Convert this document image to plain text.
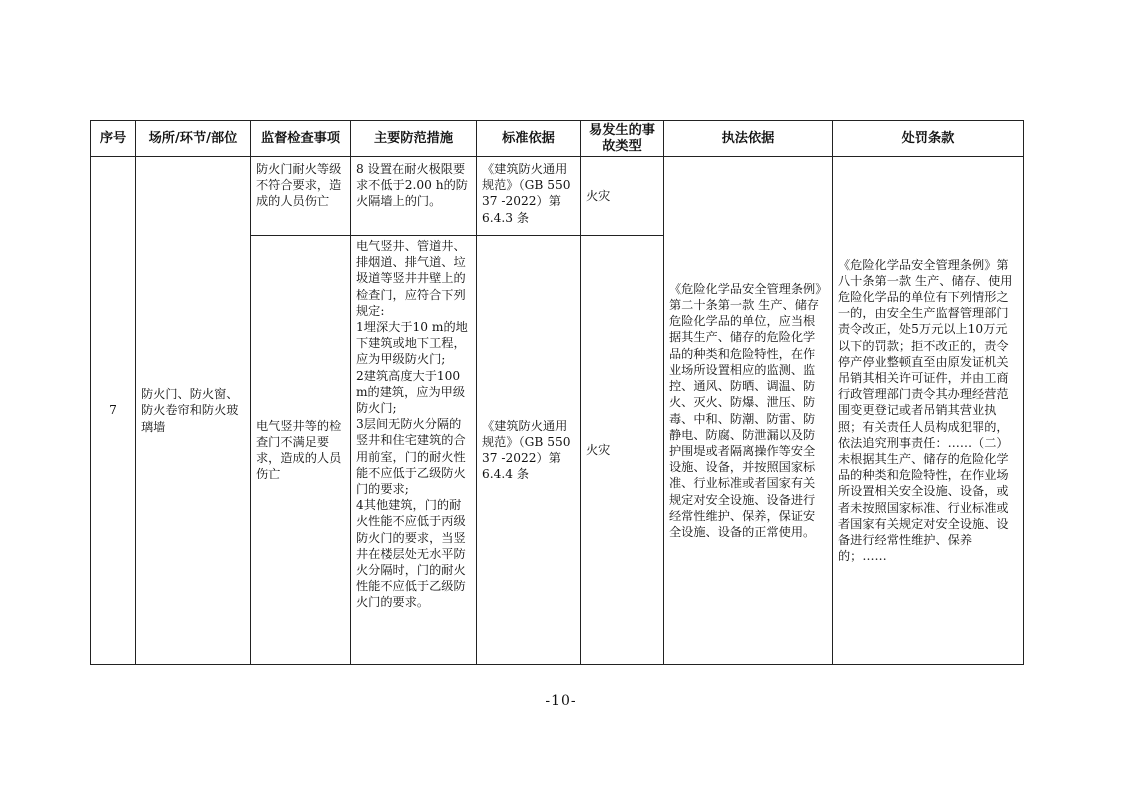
序号	场所/环节/部位	监督检查事项	主要防范措施	标准依据	易发生的事故类型	执法依据	处罚条款
7	防火门、防火窗、防火卷帘和防火玻璃墙	防火门耐火等级不符合要求，造成的人员伤亡	8 设置在耐火极限要求不低于2.00 h的防火隔墙上的门。	《建筑防火通用规范》（GB 55037 -2022）第 6.4.3 条	火灾	《危险化学品安全管理条例》第二十条第一款 生产、储存危险化学品的单位，应当根据其生产、储存的危险化学品的种类和危险特性，在作业场所设置相应的监测、监控、通风、防晒、调温、防火、灭火、防爆、泄压、防毒、中和、防潮、防雷、防静电、防腐、防泄漏以及防护围堤或者隔离操作等安全设施、设备，并按照国家标准、行业标准或者国家有关规定对安全设施、设备进行经常性维护、保养，保证安全设施、设备的正常使用。	《危险化学品安全管理条例》第八十条第一款 生产、储存、使用危险化学品的单位有下列情形之一的，由安全生产监督管理部门责令改正，处5万元以上10万元以下的罚款；拒不改正的，责令停产停业整顿直至由原发证机关吊销其相关许可证件，并由工商行政管理部门责令其办理经营范围变更登记或者吊销其营业执照；有关责任人员构成犯罪的，依法追究刑事责任：……（二）未根据其生产、储存的危险化学品的种类和危险特性，在作业场所设置相关安全设施、设备，或者未按照国家标准、行业标准或者国家有关规定对安全设施、设备进行经常性维护、保养的；……
		电气竖井等的检查门不满足要求，造成的人员伤亡	电气竖井、管道井、排烟道、排气道、垃圾道等竖井井壁上的检查门，应符合下列规定:
1埋深大于10 m的地下建筑或地下工程，应为甲级防火门;
2建筑高度大于100 m的建筑，应为甲级防火门;
3层间无防火分隔的竖井和住宅建筑的合用前室，门的耐火性能不应低于乙级防火门的要求;
4其他建筑，门的耐火性能不应低于丙级防火门的要求，当竖井在楼层处无水平防火分隔时，门的耐火性能不应低于乙级防火门的要求。	《建筑防火通用规范》（GB 55037 -2022）第 6.4.4 条	火灾		
-10-
